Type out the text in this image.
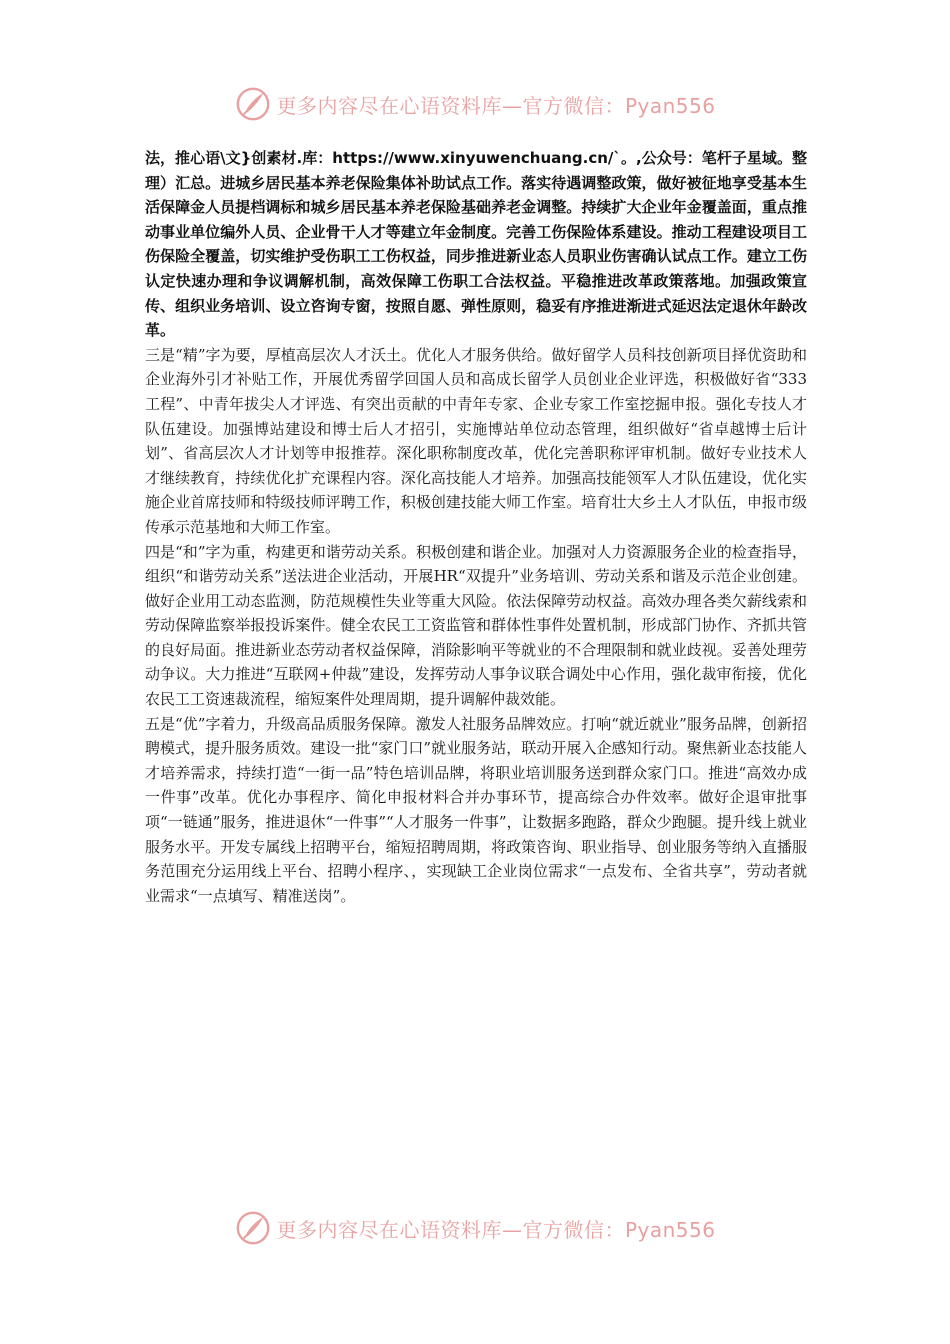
更多内容尽在心语资料库—官方微信：Pyan556

法，推心语\文}创素材.库：https://www.xinyuwenchuang.cn/`。,公众号：笔杆子星域。整理）汇总。进城乡居民基本养老保险集体补助试点工作。落实待遇调整政策，做好被征地享受基本生活保障金人员提档调标和城乡居民基本养老保险基础养老金调整。持续扩大企业年金覆盖面，重点推动事业单位编外人员、企业骨干人才等建立年金制度。完善工伤保险体系建设。推动工程建设项目工伤保险全覆盖，切实维护受伤职工工伤权益，同步推进新业态人员职业伤害确认试点工作。建立工伤认定快速办理和争议调解机制，高效保障工伤职工合法权益。平稳推进改革政策落地。加强政策宣传、组织业务培训、设立咨询专窗，按照自愿、弹性原则，稳妥有序推进渐进式延迟法定退休年龄改革。

三是“精”字为要，厚植高层次人才沃土。优化人才服务供给。做好留学人员科技创新项目择优资助和企业海外引才补贴工作，开展优秀留学回国人员和高成长留学人员创业企业评选，积极做好省“333工程”、中青年拔尖人才评选、有突出贡献的中青年专家、企业专家工作室挖掘申报。强化专技人才队伍建设。加强博站建设和博士后人才招引，实施博站单位动态管理，组织做好“省卓越博士后计划”、省高层次人才计划等申报推荐。深化职称制度改革，优化完善职称评审机制。做好专业技术人才继续教育，持续优化扩充课程内容。深化高技能人才培养。加强高技能领军人才队伍建设，优化实施企业首席技师和特级技师评聘工作，积极创建技能大师工作室。培育壮大乡土人才队伍，申报市级传承示范基地和大师工作室。

四是“和”字为重，构建更和谐劳动关系。积极创建和谐企业。加强对人力资源服务企业的检查指导，组织“和谐劳动关系”送法进企业活动，开展HR“双提升”业务培训、劳动关系和谐及示范企业创建。做好企业用工动态监测，防范规模性失业等重大风险。依法保障劳动权益。高效办理各类欠薪线索和劳动保障监察举报投诉案件。健全农民工工资监管和群体性事件处置机制，形成部门协作、齐抓共管的良好局面。推进新业态劳动者权益保障，消除影响平等就业的不合理限制和就业歧视。妥善处理劳动争议。大力推进“互联网+仲裁”建设，发挥劳动人事争议联合调处中心作用，强化裁审衔接，优化农民工工资速裁流程，缩短案件处理周期，提升调解仲裁效能。

五是“优”字着力，升级高品质服务保障。激发人社服务品牌效应。打响“就近就业”服务品牌，创新招聘模式，提升服务质效。建设一批“家门口”就业服务站，联动开展入企感知行动。聚焦新业态技能人才培养需求，持续打造“一街一品”特色培训品牌，将职业培训服务送到群众家门口。推进“高效办成一件事”改革。优化办事程序、简化申报材料合并办事环节，提高综合办件效率。做好企退审批事项“一链通”服务，推进退休“一件事”“人才服务一件事”，让数据多跑路，群众少跑腿。提升线上就业服务水平。开发专属线上招聘平台，缩短招聘周期，将政策咨询、职业指导、创业服务等纳入直播服务范围充分运用线上平台、招聘小程序、，实现缺工企业岗位需求“一点发布、全省共享”，劳动者就业需求“一点填写、精准送岗”。

更多内容尽在心语资料库—官方微信：Pyan556
